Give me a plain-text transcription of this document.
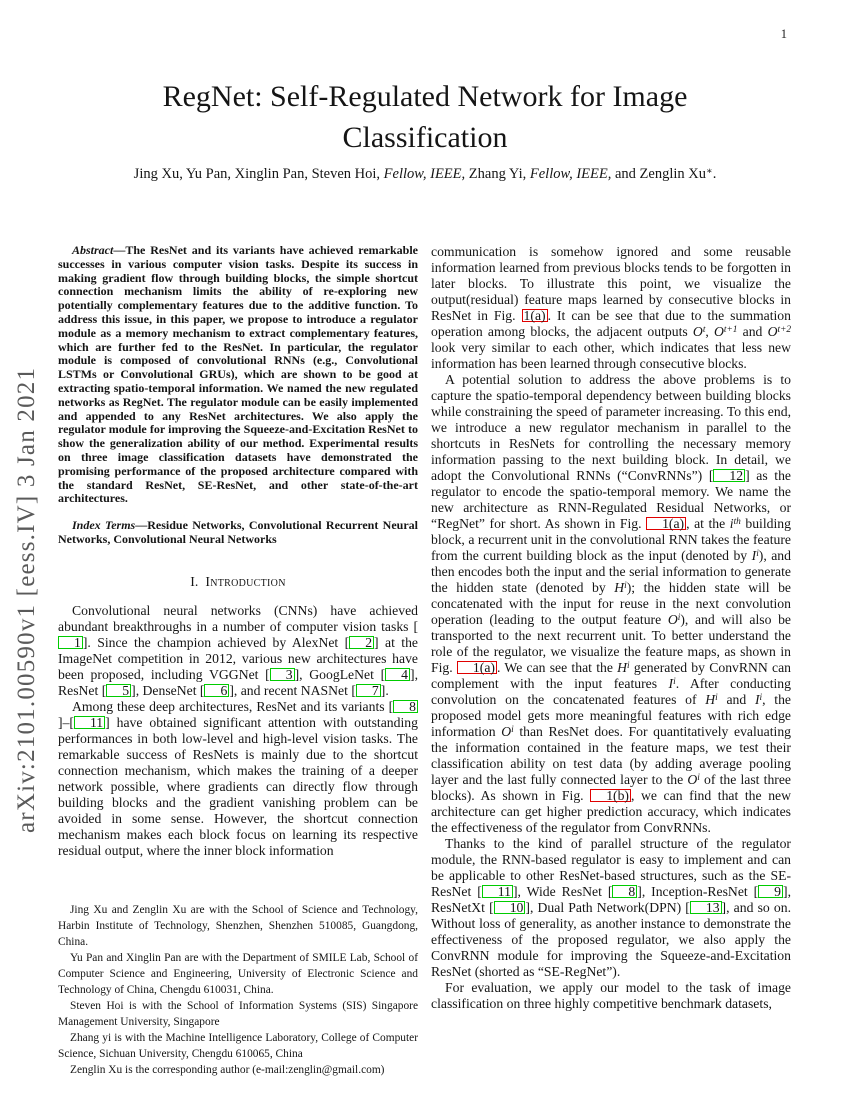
1
arXiv:2101.00590v1 [eess.IV] 3 Jan 2021
RegNet: Self-Regulated Network for Image Classification
Jing Xu, Yu Pan, Xinglin Pan, Steven Hoi, Fellow, IEEE, Zhang Yi, Fellow, IEEE, and Zenglin Xu∗.

Abstract—The ResNet and its variants have achieved remarkable successes in various computer vision tasks. Despite its success in making gradient flow through building blocks, the simple shortcut connection mechanism limits the ability of re-exploring new potentially complementary features due to the additive function. To address this issue, in this paper, we propose to introduce a regulator module as a memory mechanism to extract complementary features, which are further fed to the ResNet. In particular, the regulator module is composed of convolutional RNNs (e.g., Convolutional LSTMs or Convolutional GRUs), which are shown to be good at extracting spatio-temporal information. We named the new regulated networks as RegNet. The regulator module can be easily implemented and appended to any ResNet architectures. We also apply the regulator module for improving the Squeeze-and-Excitation ResNet to show the generalization ability of our method. Experimental results on three image classification datasets have demonstrated the promising performance of the proposed architecture compared with the standard ResNet, SE-ResNet, and other state-of-the-art architectures.

Index Terms—Residue Networks, Convolutional Recurrent Neural Networks, Convolutional Neural Networks

I. Introduction

Convolutional neural networks (CNNs) have achieved abundant breakthroughs in a number of computer vision tasks [1 ]. Since the champion achieved by AlexNet [ 2 ] at the ImageNet competition in 2012, various new architectures have been proposed, including VGGNet [ 3 ], GoogLeNet [ 4 ], ResNet [ 5 ], DenseNet [ 6 ], and recent NASNet [ 7 ].

Among these deep architectures, ResNet and its variants [ 8]–[ 11 ] have obtained significant attention with outstanding performances in both low-level and high-level vision tasks. The remarkable success of ResNets is mainly due to the shortcut connection mechanism, which makes the training of a deeper network possible, where gradients can directly flow through building blocks and the gradient vanishing problem can be avoided in some sense. However, the shortcut connection mechanism makes each block focus on learning its respective residual output, where the inner block information

Jing Xu and Zenglin Xu are with the School of Science and Technology, Harbin Institute of Technology, Shenzhen, Shenzhen 510085, Guangdong, China.

Yu Pan and Xinglin Pan are with the Department of SMILE Lab, School of Computer Science and Engineering, University of Electronic Science and Technology of China, Chengdu 610031, China.

Steven Hoi is with the School of Information Systems (SIS) Singapore Management University, Singapore

Zhang yi is with the Machine Intelligence Laboratory, College of Computer Science, Sichuan University, Chengdu 610065, China

Zenglin Xu is the corresponding author (e-mail:zenglin@gmail.com)

communication is somehow ignored and some reusable information learned from previous blocks tends to be forgotten in later blocks. To illustrate this point, we visualize the output(residual) feature maps learned by consecutive blocks in ResNet in Fig. 1(a) . It can be see that due to the summation operation among blocks, the adjacent outputs $O^t$, $O^{t+1}$ and $O^{t+2}$ look very similar to each other, which indicates that less new information has been learned through consecutive blocks.

A potential solution to address the above problems is to capture the spatio-temporal dependency between building blocks while constraining the speed of parameter increasing. To this end, we introduce a new regulator mechanism in parallel to the shortcuts in ResNets for controlling the necessary memory information passing to the next building block. In detail, we adopt the Convolutional RNNs (“ConvRNNs”) [ 12 ] as the regulator to encode the spatio-temporal memory. We name the new architecture as RNN-Regulated Residual Networks, or “RegNet” for short. As shown in Fig. 1(a) , at the $i^{th}$ building block, a recurrent unit in the convolutional RNN takes the feature from the current building block as the input (denoted by $I^i$), and then encodes both the input and the serial information to generate the hidden state (denoted by $H^i$); the hidden state will be concatenated with the input for reuse in the next convolution operation (leading to the output feature $O^i$), and will also be transported to the next recurrent unit. To better understand the role of the regulator, we visualize the feature maps, as shown in Fig. 1(a) . We can see that the $H^i$ generated by ConvRNN can complement with the input features $I^i$. After conducting convolution on the concatenated features of $H^i$ and $I^i$, the proposed model gets more meaningful features with rich edge information $O^i$ than ResNet does. For quantitatively evaluating the information contained in the feature maps, we test their classification ability on test data (by adding average pooling layer and the last fully connected layer to the $O^i$ of the last three blocks). As shown in Fig. 1(b) , we can find that the new architecture can get higher prediction accuracy, which indicates the effectiveness of the regulator from ConvRNNs.

Thanks to the kind of parallel structure of the regulator module, the RNN-based regulator is easy to implement and can be applicable to other ResNet-based structures, such as the SE-ResNet [ 11 ], Wide ResNet [ 8 ], Inception-ResNet [ 9 ], ResNetXt [ 10 ], Dual Path Network(DPN) [ 13 ], and so on. Without loss of generality, as another instance to demonstrate the effectiveness of the proposed regulator, we also apply the ConvRNN module for improving the Squeeze-and-Excitation ResNet (shorted as “SE-RegNet”).

For evaluation, we apply our model to the task of image classification on three highly competitive benchmark datasets,
